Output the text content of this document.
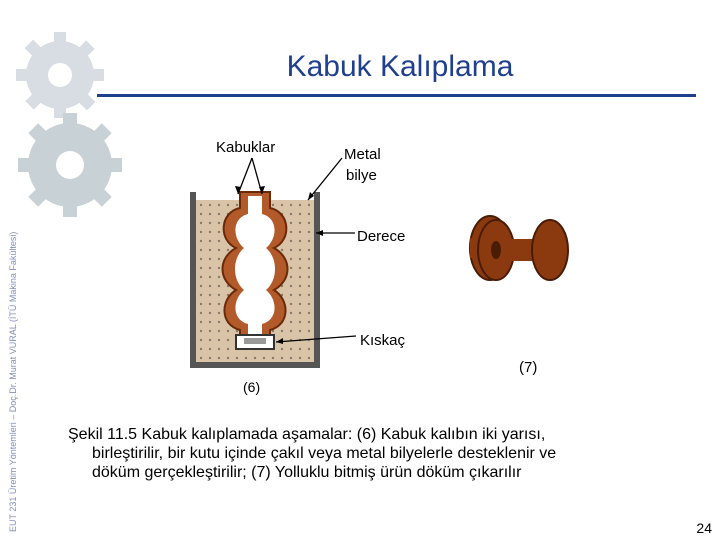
EUT 231 Üretim Yöntemleri – Doç.Dr. Murat VURAL (İTÜ Makina Fakültesi)
Kabuk Kalıplama
Kabuklar	Metal
bilye
Derece
Kıskaç
(6)
(7)
Şekil 11.5 Kabuk kalıplamada aşamalar: (6) Kabuk kalıbın iki yarısı,
birleştirilir, bir kutu içinde çakıl veya metal bilyelerle desteklenir ve
döküm gerçekleştirilir; (7) Yolluklu bitmiş ürün döküm çıkarılır
24
